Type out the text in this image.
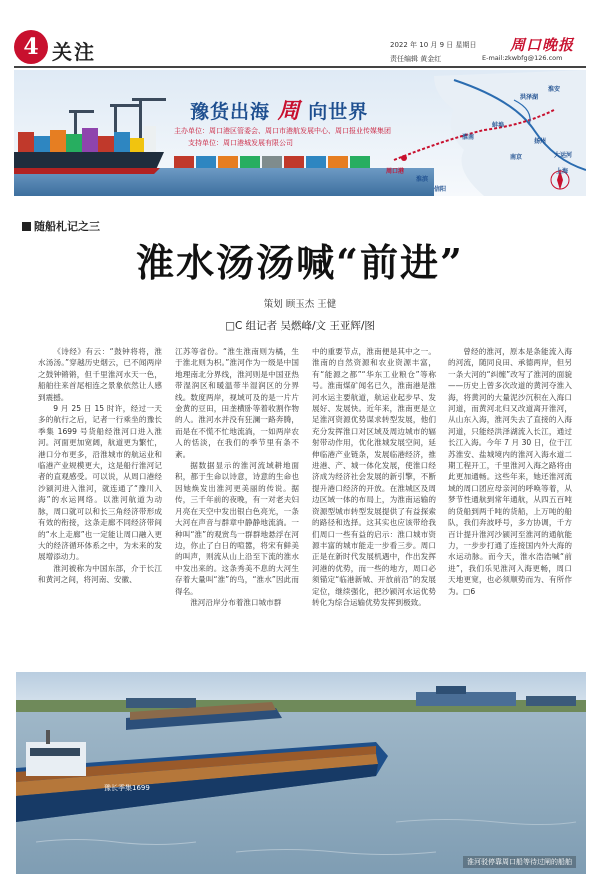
4 关注	2022 年 10 月 9 日 星期日
责任编辑 黄金红
周口晚报
E-mail:zkwbfg@126.com
豫货出海 周 向世界
主办单位：周口港区管委会、周口市港航发展中心、周口报业传媒集团
支持单位：周口港城发展有限公司
周口港
淮滨
信阳
淮南
蚌埠
洪泽湖
淮安
扬州
南京	大运河
上海
随船札记之三
淮水汤汤喊“前进”
策划 顾玉杰 王健
□C 组记者 吴燃峰/文 王亚辉/图

《诗经》有云：“鼓钟将将，淮水汤汤。”穿越历史烟云，已不闻两岸之鼓钟锵锵，但千里淮河水天一色，船舶往来首尾相连之景象依然让人感到震撼。

9 月 25 日 15 时许，经过一天多的航行之后，记者一行乘坐的豫长季集 1699 号货船经淮河口进入淮河。河面更加宽阔，航道更为繁忙，港口分布更多，沿淮城市的航运业和临港产业规模更大，这是船行淮河记者的直观感受。可以说，从周口港经沙颍河进入淮河，就连通了“豫川入海”的水运网络。以淮河航道为动脉，周口就可以和长三角经济带形成有效的衔接，这条走廊不同经济带间的“水上走廊”也一定能让周口融入更大的经济循环体系之中，为未来的发展增添动力。

淮河被称为中国东部，介于长江和黄河之间，将河南、安徽、

江苏等省份。“淮生淮南则为橘，生于淮北则为枳。”淮河作为一级是中国地理南北分界线，淮河则是中国亚热带湿润区和暖温带半湿润区的分界线。数度两岸，视域可及的是一片片金黄的豆田，田垄横卧等着收割作物的人。淮河水并没有狂澜一路奔腾，而是在不慌不忙地流淌，一如两岸农人的恬淡，在我们的季节里有条不紊。

据数据显示的淮河流域耕地面积，都于生命以诗意，诗意的生命也因她焕发出淮河更美丽的传说。据传，三千年前的夜晚，有一对老夫妇月亮在天空中发出银白色亮光，一条大河在声音与群章中静静地流淌。一种叫“淮”的观赏鸟一群群地悬浮在河边，你止了白日的喧嚣，将宋有鲜美的叫声，则流从山上沿至下流的淮水中发出来的。这条秀美不息的大河生存着大量叫“淮”的鸟，“淮水”因此而得名。

淮河沿岸分布着淮口城市群

中的重要节点，淮南便是其中之一。淮南的自然资源和农业资源丰富，有“能源之都”“华东工业粮仓”等称号。淮南煤矿闻名已久，淮南港是淮河水运主要航道，航运业起步早、发展好、发展快。近年来，淮南更是立足淮河资源优势谋求转型发展，他们充分发挥淮口对区域及周边城市的辐射带动作用，优化淮城发展空间，延伸临港产业链条，发展临港经济，推进港、产、城一体化发展，使淮口经济成为经济社会发展的新引擎，不断提升港口经济的开放。在淮城区及周边区域一体的布局上，为淮南运输的资源型城市转型发展提供了有益探索的路径和选择。这其实也应该带给我们周口一些有益的启示：淮口城市资源丰富的城市能走一步看三步。周口正是在新时代发展机遇中，作出发挥河港的优势，而一些的地方，周口必须锚定“临港新城、开放前沿”的发展定位，继续强化，把沙颍河水运优势转化为综合运输优势发挥到极致。

曾经的淮河，原本是条能流入海的河流，随同良田、承德两岸，但另一条大河的“纠缠”改写了淮河的面貌——历史上曾多次改道的黄河夺淮入海，将黄河的大量泥沙沉积在入海口河道，而黄河北归又改道离开淮河，从山东入海，淮河失去了直接的入海河道，只能经洪泽湖流入长江，通过长江入海。今年 7 月 30 日，位于江苏淮安、盐城境内的淮河入海水道二期工程开工，千里淮河入海之路将由此更加通畅。这些年来，她还淮河流域的周口团应母亲河的呼唤等着，从梦节性通航到常年通航，从四五百吨的货船到两千吨的货船，上万吨的船队，我们奔波呼号，多方协调，千方百计提升淮河沙颍河至淮河的通航能力，一步步打通了连接国内外大海的水运动脉。而今天，淮水浩浩喊“前进”，我们乐见淮河入海更畅，周口天地更宽，也必须顺势而为、有所作为。□6

豫长季集1699
淮河驳停靠周口船等待过闸的船舶
